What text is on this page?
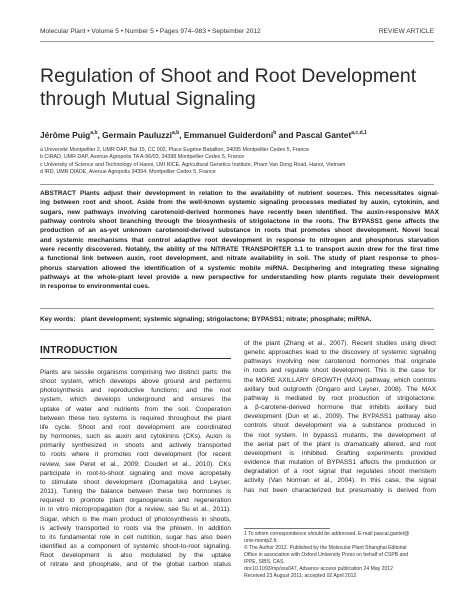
Molecular Plant • Volume 5 • Number 5 • Pages 974–983 • September 2012	REVIEW ARTICLE
Regulation of Shoot and Root Development
through Mutual Signaling
Jérôme Puig$^{a,b}$, Germain Pauluzzi$^{a,b}$, Emmanuel Guiderdoni$^b$ and Pascal Gantet$^{a,c,d,1}$
a Université Montpellier 2, UMR DAP, Bat 15, CC 002, Place Eugène Bataillon, 34095 Montpellier Cedex 5, France
b CIRAD, UMR DAP, Avenue Agropolis TA A-96/03, 34398 Montpellier Cedex 5, France
c University of Science and Technology of Hanoi, LMI RICE, Agricultural Genetics Institute, Pham Van Dong Road, Hanoi, Vietnam
d IRD, UMR DIADE, Avenue Agropolis 34394, Montpellier Cedex 5, France
ABSTRACT Plants adjust their development in relation to the availability of nutrient sources. This necessitates signal-
ing between root and shoot. Aside from the well-known systemic signaling processes mediated by auxin, cytokinin, and
sugars, new pathways involving carotenoid-derived hormones have recently been identified. The auxin-responsive MAX
pathway controls shoot branching through the biosynthesis of strigolactone in the roots. The BYPASS1 gene affects the
production of an as-yet unknown carotenoid-derived substance in roots that promotes shoot development. Novel local
and systemic mechanisms that control adaptive root development in response to nitrogen and phosphorus starvation
were recently discovered. Notably, the ability of the NITRATE TRANSPORTER 1.1 to transport auxin drew for the first time
a functional link between auxin, root development, and nitrate availability in soil. The study of plant response to phos-
phorus starvation allowed the identification of a systemic mobile miRNA. Deciphering and integrating these signaling
pathways at the whole-plant level provide a new perspective for understanding how plants regulate their development
in response to environmental cues.
Key words: plant development; systemic signaling; strigolactone; BYPASS1; nitrate; phosphate; miRNA.
INTRODUCTION
Plants are sessile organisms comprising two distinct parts: the
shoot system, which develops above ground and performs
photosynthesis and reproductive functions; and the root
system, which develops underground and ensures the
uptake of water and nutrients from the soil. Cooperation
between these two systems is required throughout the plant
life cycle. Shoot and root development are coordinated
by hormones, such as auxin and cytokinins (CKs). Auxin is
primarily synthesized in shoots and actively transported
to roots where it promotes root development (for recent
review, see Peret et al., 2009; Coudert et al., 2010). CKs
participate in root-to-shoot signaling and move acropetally
to stimulate shoot development (Domagalska and Leyser,
2011). Tuning the balance between these two hormones is
required to promote plant organogenesis and regeneration
in in vitro micropropagation (for a review, see Su et al., 2011).
Sugar, which is the main product of photosynthesis in shoots,
is actively transported to roots via the phloem. In addition
to its fundamental role in cell nutrition, sugar has also been
identified as a component of systemic shoot-to-root signaling.
Root development is also modulated by the uptake
of nitrate and phosphate, and of the global carbon status
of the plant (Zhang et al., 2007). Recent studies using direct
genetic approaches lead to the discovery of systemic signaling
pathways involving new carotenoid hormones that originate
in roots and regulate shoot development. This is the case for
the MORE AXILLARY GROWTH (MAX) pathway, which controls
axillary bud outgrowth (Ongaro and Leyser, 2008). The MAX
pathway is mediated by root production of strigolactone:
a β-carotene-derived hormone that inhibits axillary bud
development (Dun et al., 2009). The BYPASS1 pathway also
controls shoot development via a substance produced in
the root system. In bypass1 mutants, the development of
the aerial part of the plant is dramatically altered, and root
development is inhibited. Grafting experiments provided
evidence that mutation of BYPASS1 affects the production or
degradation of a root signal that regulates shoot meristem
activity (Van Norman et al., 2004). In this case, the signal
has not been characterized but presumably is derived from
1 To whom correspondence should be addressed. E-mail pascal.gantet@
univ-montp2.fr.
© The Author 2012. Published by the Molecular Plant Shanghai Editorial
Office in association with Oxford University Press on behalf of CSPB and
IPPE, SIBS, CAS.
doi:10.1093/mp/sss047, Advance access publication 24 May 2012
Received 23 August 2011; accepted 02 April 2012
